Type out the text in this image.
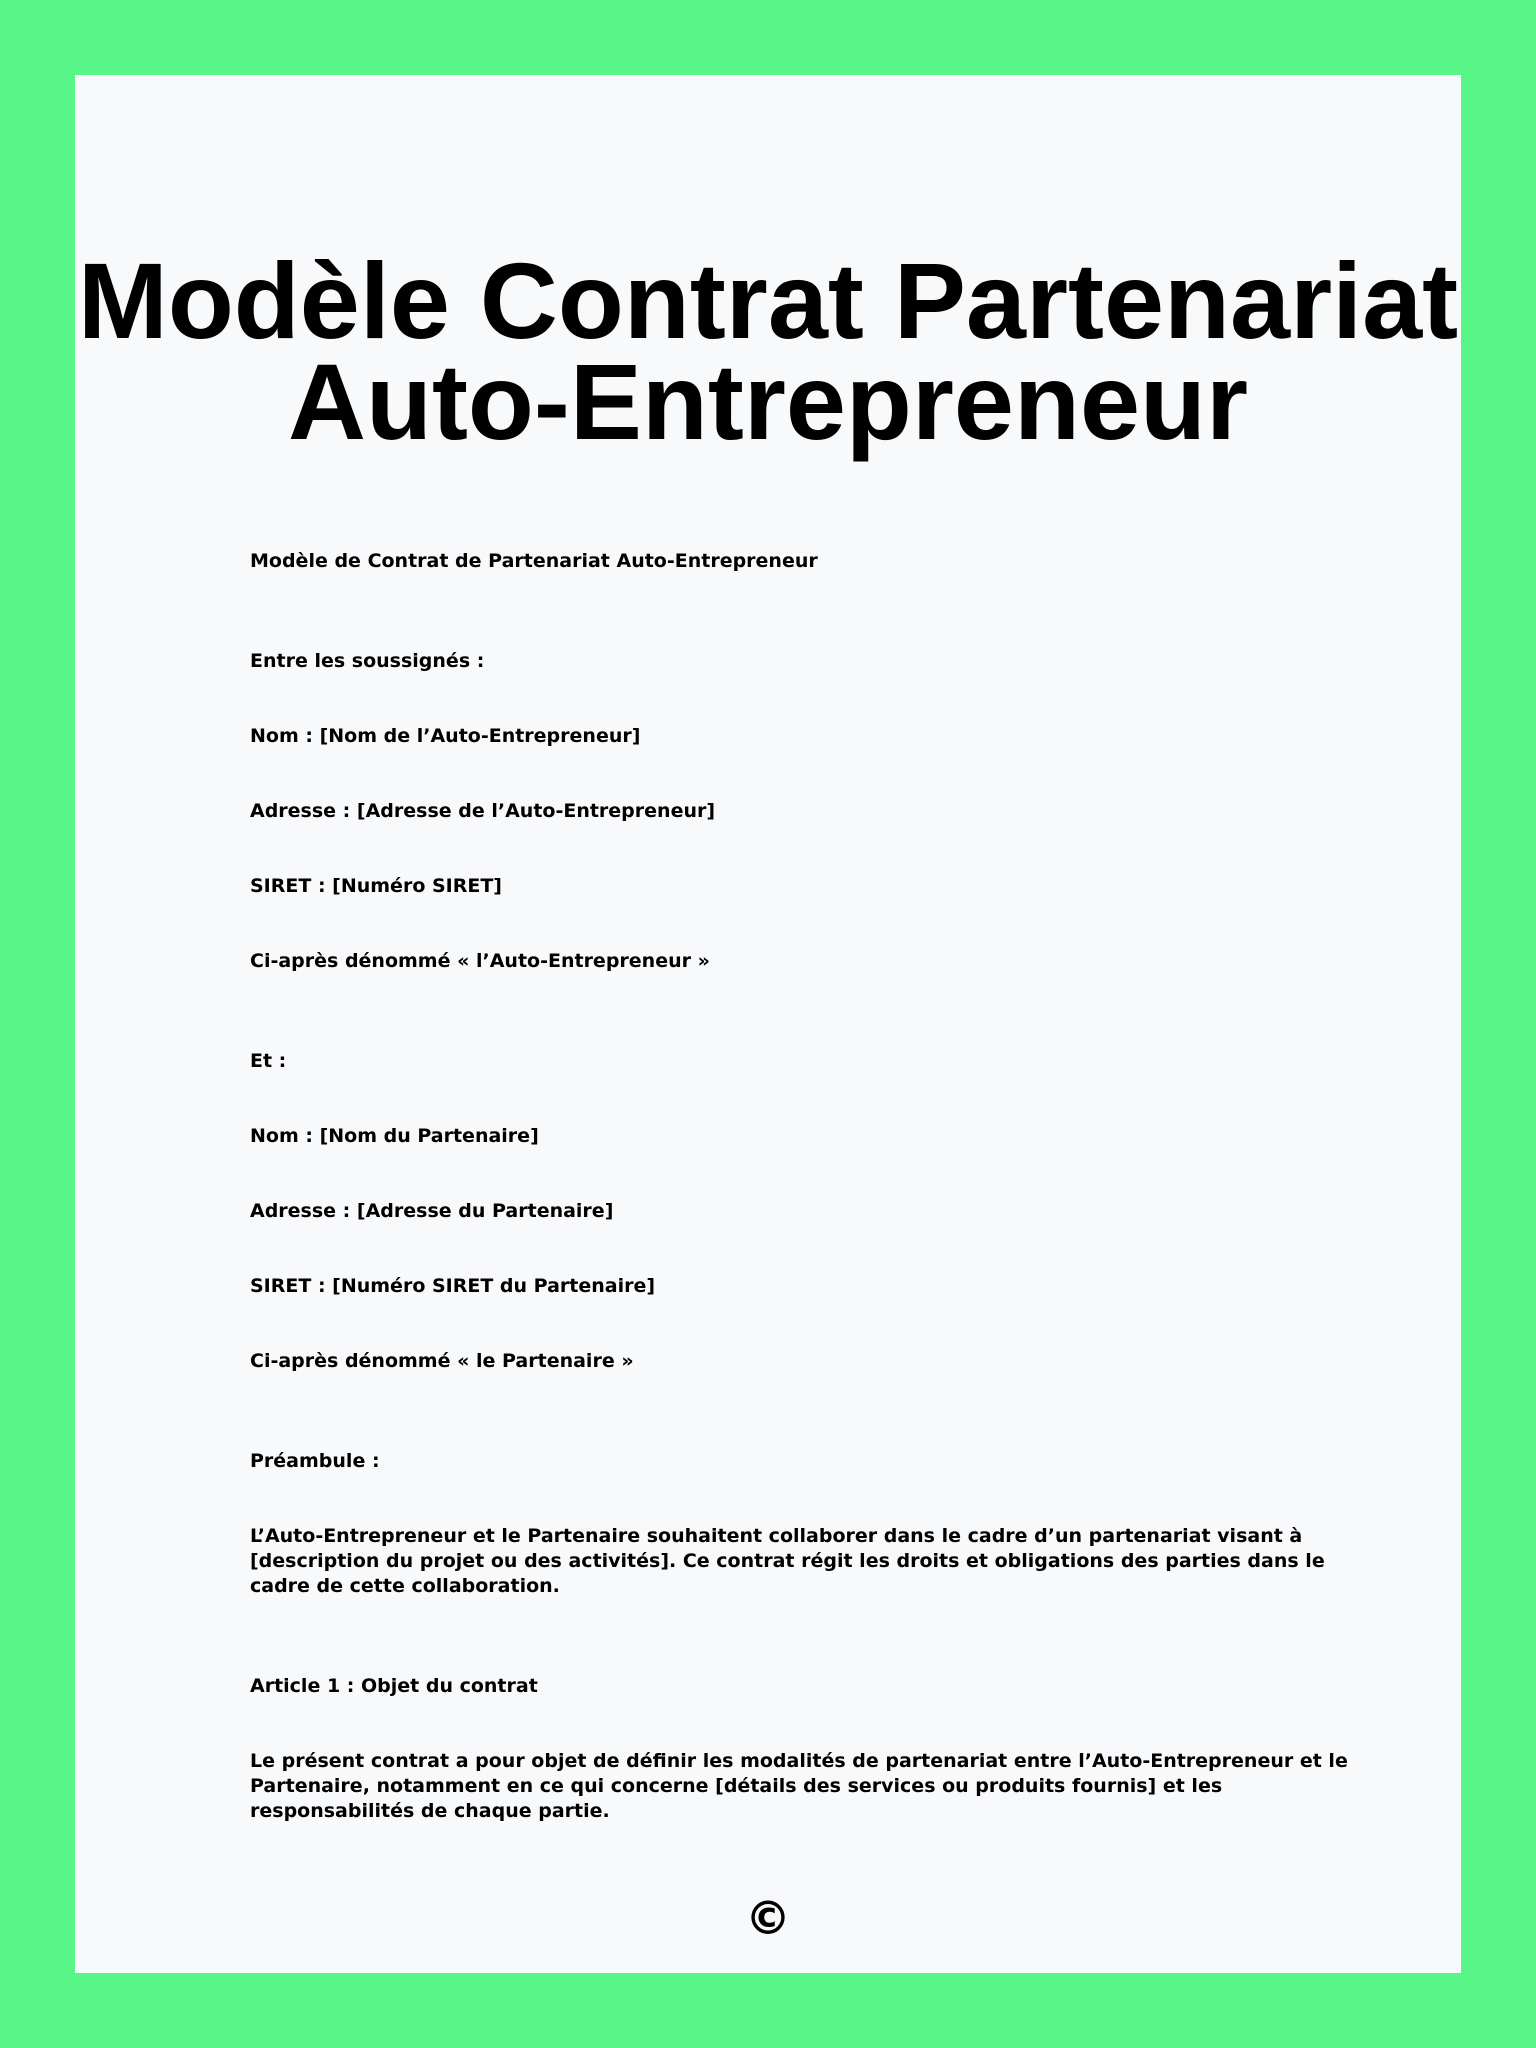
Modèle Contrat Partenariat
Auto-Entrepreneur

Modèle de Contrat de Partenariat Auto-Entrepreneur

Entre les soussignés :

Nom : [Nom de l’Auto-Entrepreneur]

Adresse : [Adresse de l’Auto-Entrepreneur]

SIRET : [Numéro SIRET]

Ci-après dénommé « l’Auto-Entrepreneur »

Et :

Nom : [Nom du Partenaire]

Adresse : [Adresse du Partenaire]

SIRET : [Numéro SIRET du Partenaire]

Ci-après dénommé « le Partenaire »

Préambule :

L’Auto-Entrepreneur et le Partenaire souhaitent collaborer dans le cadre d’un partenariat visant à [description du projet ou des activités]. Ce contrat régit les droits et obligations des parties dans le cadre de cette collaboration.

Article 1 : Objet du contrat

Le présent contrat a pour objet de définir les modalités de partenariat entre l’Auto-Entrepreneur et le Partenaire, notamment en ce qui concerne [détails des services ou produits fournis] et les responsabilités de chaque partie.

©
